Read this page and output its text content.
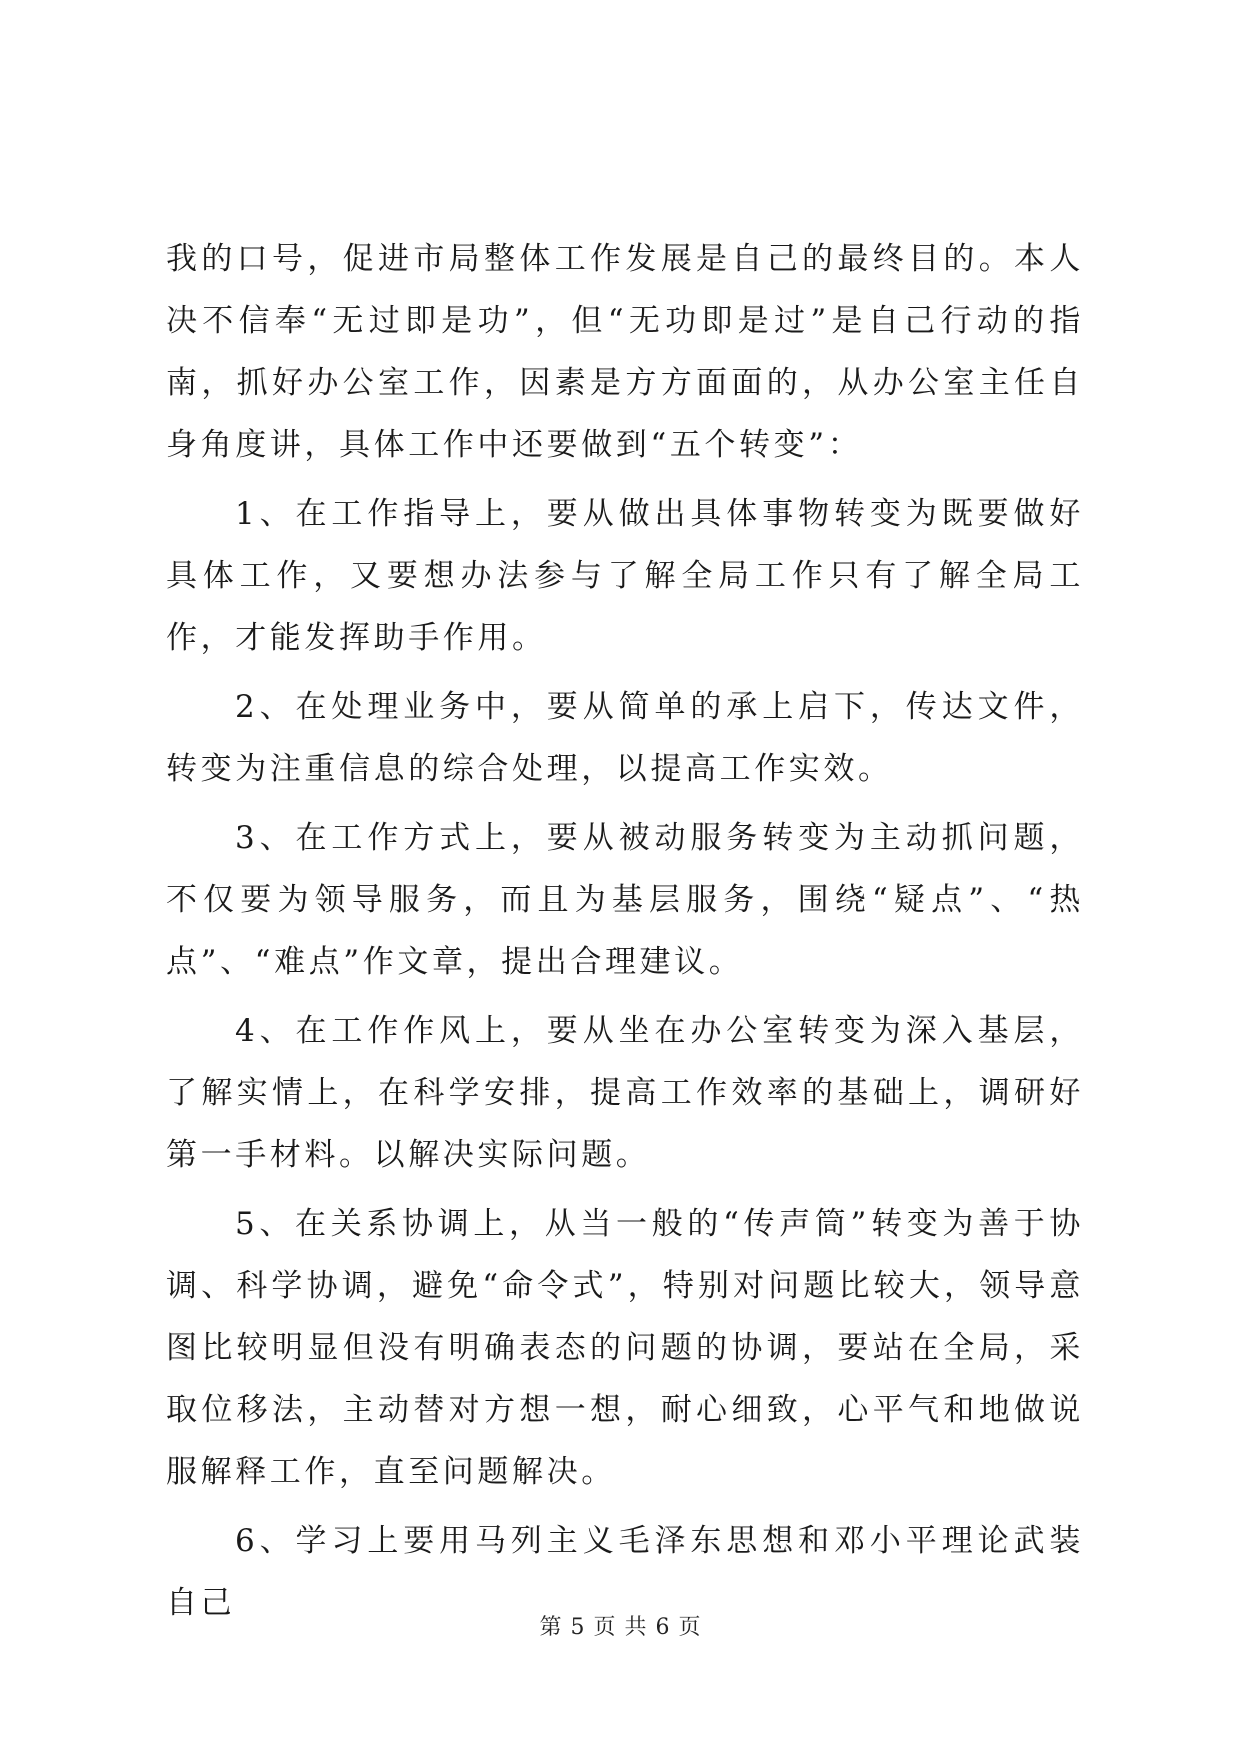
我的口号，促进市局整体工作发展是自己的最终目的。本人决不信奉“无过即是功”，但“无功即是过”是自己行动的指南，抓好办公室工作，因素是方方面面的，从办公室主任自身角度讲，具体工作中还要做到“五个转变”：

1、在工作指导上，要从做出具体事物转变为既要做好具体工作，又要想办法参与了解全局工作只有了解全局工作，才能发挥助手作用。

2、在处理业务中，要从简单的承上启下，传达文件，转变为注重信息的综合处理，以提高工作实效。

3、在工作方式上，要从被动服务转变为主动抓问题，不仅要为领导服务，而且为基层服务，围绕“疑点”、“热点”、“难点”作文章，提出合理建议。

4、在工作作风上，要从坐在办公室转变为深入基层，了解实情上，在科学安排，提高工作效率的基础上，调研好第一手材料。以解决实际问题。

5、在关系协调上，从当一般的“传声筒”转变为善于协调、科学协调，避免“命令式”，特别对问题比较大，领导意图比较明显但没有明确表态的问题的协调，要站在全局，采取位移法，主动替对方想一想，耐心细致，心平气和地做说服解释工作，直至问题解决。

6、学习上要用马列主义毛泽东思想和邓小平理论武装自己

第 5 页 共 6 页
